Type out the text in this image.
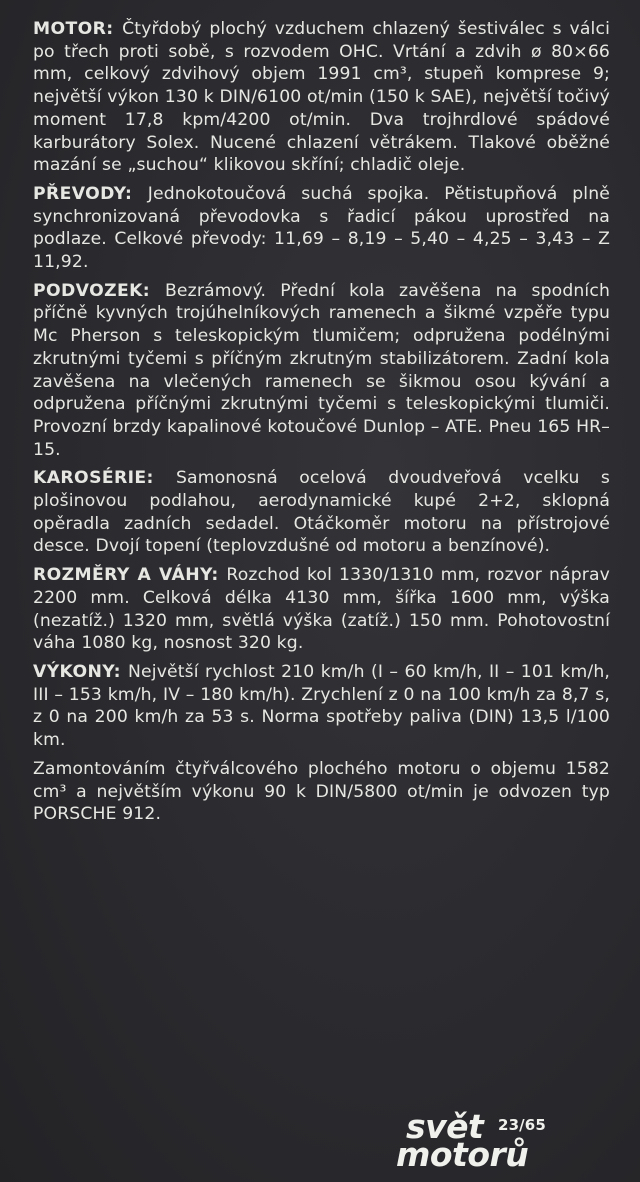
MOTOR: Čtyřdobý plochý vzduchem chlazený šestiválec s válci po třech proti sobě, s rozvodem OHC. Vrtání a zdvih ø 80×66 mm, celkový zdvihový objem 1991 cm³, stupeň komprese 9; největší výkon 130 k DIN/6100 ot/min (150 k SAE), největší točivý moment 17,8 kpm/4200 ot/min. Dva trojhrdlové spádové karburátory Solex. Nucené chlazení větrákem. Tlakové oběžné mazání se „suchou“ klikovou skříní; chladič oleje.
PŘEVODY: Jednokotoučová suchá spojka. Pětistupňová plně synchronizovaná převodovka s řadicí pákou uprostřed na podlaze. Celkové převody: 11,69 – 8,19 – 5,40 – 4,25 – 3,43 – Z 11,92.
PODVOZEK: Bezrámový. Přední kola zavěšena na spodních příčně kyvných trojúhelníkových ramenech a šikmé vzpěře typu Mc Pherson s teleskopickým tlumičem; odpružena podélnými zkrutnými tyčemi s příčným zkrutným stabilizátorem. Zadní kola zavěšena na vlečených ramenech se šikmou osou kývání a odpružena příčnými zkrutnými tyčemi s teleskopickými tlumiči. Provozní brzdy kapalinové kotoučové Dunlop – ATE. Pneu 165 HR–15.
KAROSÉRIE: Samonosná ocelová dvoudveřová vcelku s plošinovou podlahou, aerodynamické kupé 2+2, sklopná opěradla zadních sedadel. Otáčkoměr motoru na přístrojové desce. Dvojí topení (teplovzdušné od motoru a benzínové).
ROZMĚRY A VÁHY: Rozchod kol 1330/1310 mm, rozvor náprav 2200 mm. Celková délka 4130 mm, šířka 1600 mm, výška (nezatíž.) 1320 mm, světlá výška (zatíž.) 150 mm. Pohotovostní váha 1080 kg, nosnost 320 kg.
VÝKONY: Největší rychlost 210 km/h (I – 60 km/h, II – 101 km/h, III – 153 km/h, IV – 180 km/h). Zrychlení z 0 na 100 km/h za 8,7 s, z 0 na 200 km/h za 53 s. Norma spotřeby paliva (DIN) 13,5 l/100 km.
Zamontováním čtyřválcového plochého motoru o objemu 1582 cm³ a největším výkonu 90 k DIN/5800 ot/min je odvozen typ PORSCHE 912.
svět 23/65
motorů
